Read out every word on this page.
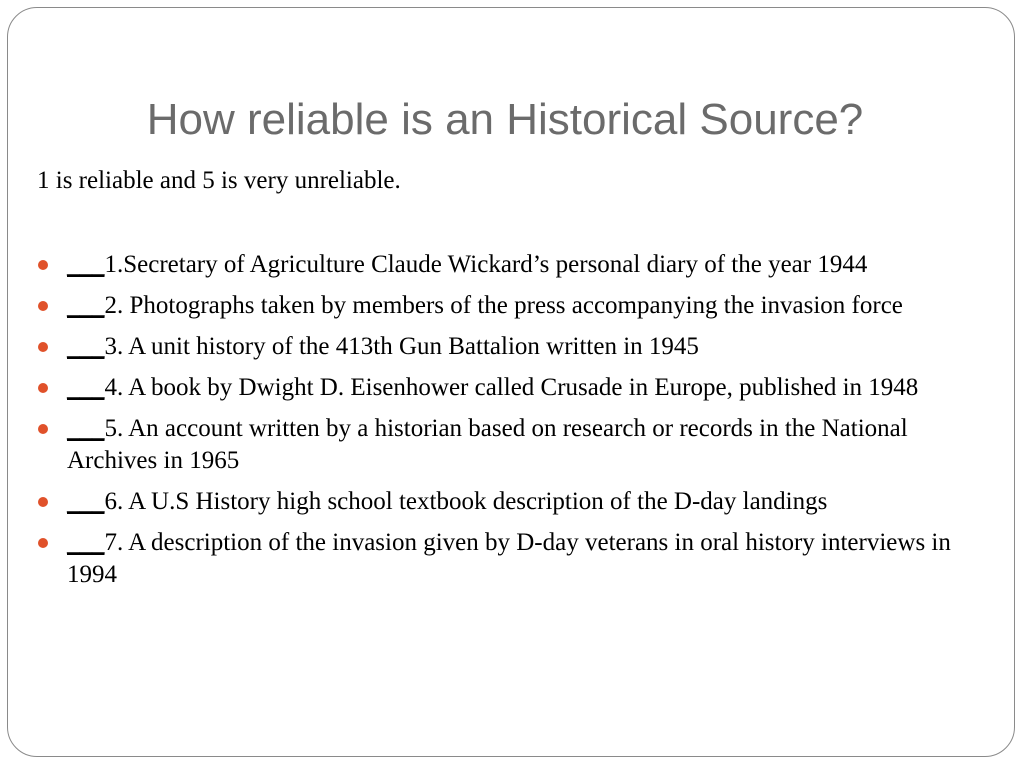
How reliable is an Historical Source?
1 is reliable and 5 is very unreliable.
___1.Secretary of Agriculture Claude Wickard’s personal diary of the year 1944
___2. Photographs taken by members of the press accompanying the invasion force
___3. A unit history of the 413th Gun Battalion written in 1945
___4. A book by Dwight D. Eisenhower called Crusade in Europe, published in 1948
___5. An account written by a historian based on research or records in the National Archives in 1965
___6. A U.S History high school textbook description of the D-day landings
___7. A description of the invasion given by D-day veterans in oral history interviews in 1994
